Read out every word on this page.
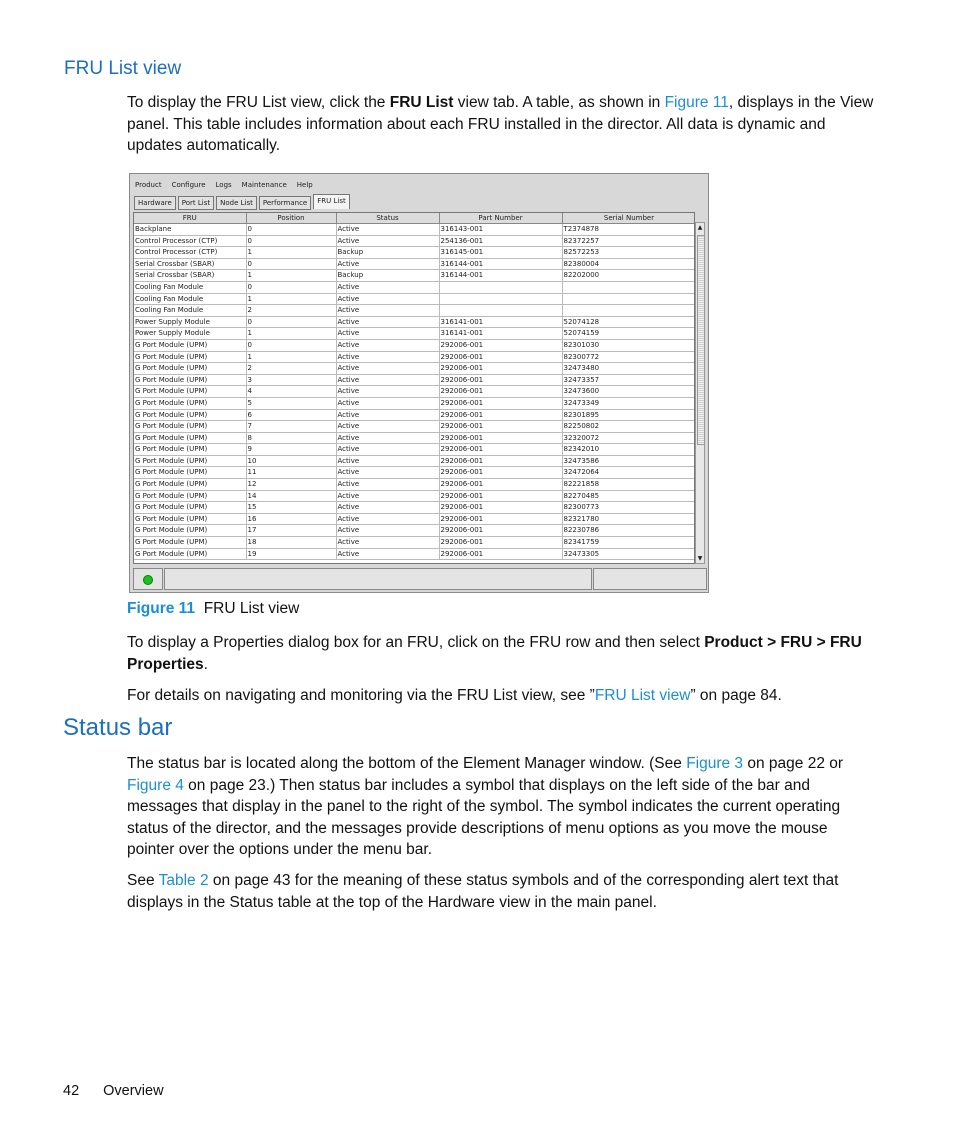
FRU List view
To display the FRU List view, click the FRU List view tab. A table, as shown in Figure 11, displays in the View panel. This table includes information about each FRU installed in the director. All data is dynamic and updates automatically.
Product Configure Logs Maintenance Help
Hardware	Port List	Node List	Performance	FRU List
FRU	Position	Status	Part Number	Serial Number
Backplane	0	Active	316143-001	T2374878
Control Processor (CTP)	0	Active	254136-001	82372257
Control Processor (CTP)	1	Backup	316145-001	82572253
Serial Crossbar (SBAR)	0	Active	316144-001	82380004
Serial Crossbar (SBAR)	1	Backup	316144-001	82202000
Cooling Fan Module	0	Active		
Cooling Fan Module	1	Active		
Cooling Fan Module	2	Active		
Power Supply Module	0	Active	316141-001	52074128
Power Supply Module	1	Active	316141-001	52074159
G Port Module (UPM)	0	Active	292006-001	82301030
G Port Module (UPM)	1	Active	292006-001	82300772
G Port Module (UPM)	2	Active	292006-001	32473480
G Port Module (UPM)	3	Active	292006-001	32473357
G Port Module (UPM)	4	Active	292006-001	32473600
G Port Module (UPM)	5	Active	292006-001	32473349
G Port Module (UPM)	6	Active	292006-001	82301895
G Port Module (UPM)	7	Active	292006-001	82250802
G Port Module (UPM)	8	Active	292006-001	32320072
G Port Module (UPM)	9	Active	292006-001	82342010
G Port Module (UPM)	10	Active	292006-001	32473586
G Port Module (UPM)	11	Active	292006-001	32472064
G Port Module (UPM)	12	Active	292006-001	82221858
G Port Module (UPM)	14	Active	292006-001	82270485
G Port Module (UPM)	15	Active	292006-001	82300773
G Port Module (UPM)	16	Active	292006-001	82321780
G Port Module (UPM)	17	Active	292006-001	82230786
G Port Module (UPM)	18	Active	292006-001	82341759
G Port Module (UPM)	19	Active	292006-001	32473305
▲
▼
Figure 11 FRU List view
To display a Properties dialog box for an FRU, click on the FRU row and then select Product > FRU > FRU Properties.
For details on navigating and monitoring via the FRU List view, see ”FRU List view” on page 84.
Status bar
The status bar is located along the bottom of the Element Manager window. (See Figure 3 on page 22 or Figure 4 on page 23.) Then status bar includes a symbol that displays on the left side of the bar and messages that display in the panel to the right of the symbol. The symbol indicates the current operating status of the director, and the messages provide descriptions of menu options as you move the mouse pointer over the options under the menu bar.
See Table 2 on page 43 for the meaning of these status symbols and of the corresponding alert text that displays in the Status table at the top of the Hardware view in the main panel.
42 Overview
